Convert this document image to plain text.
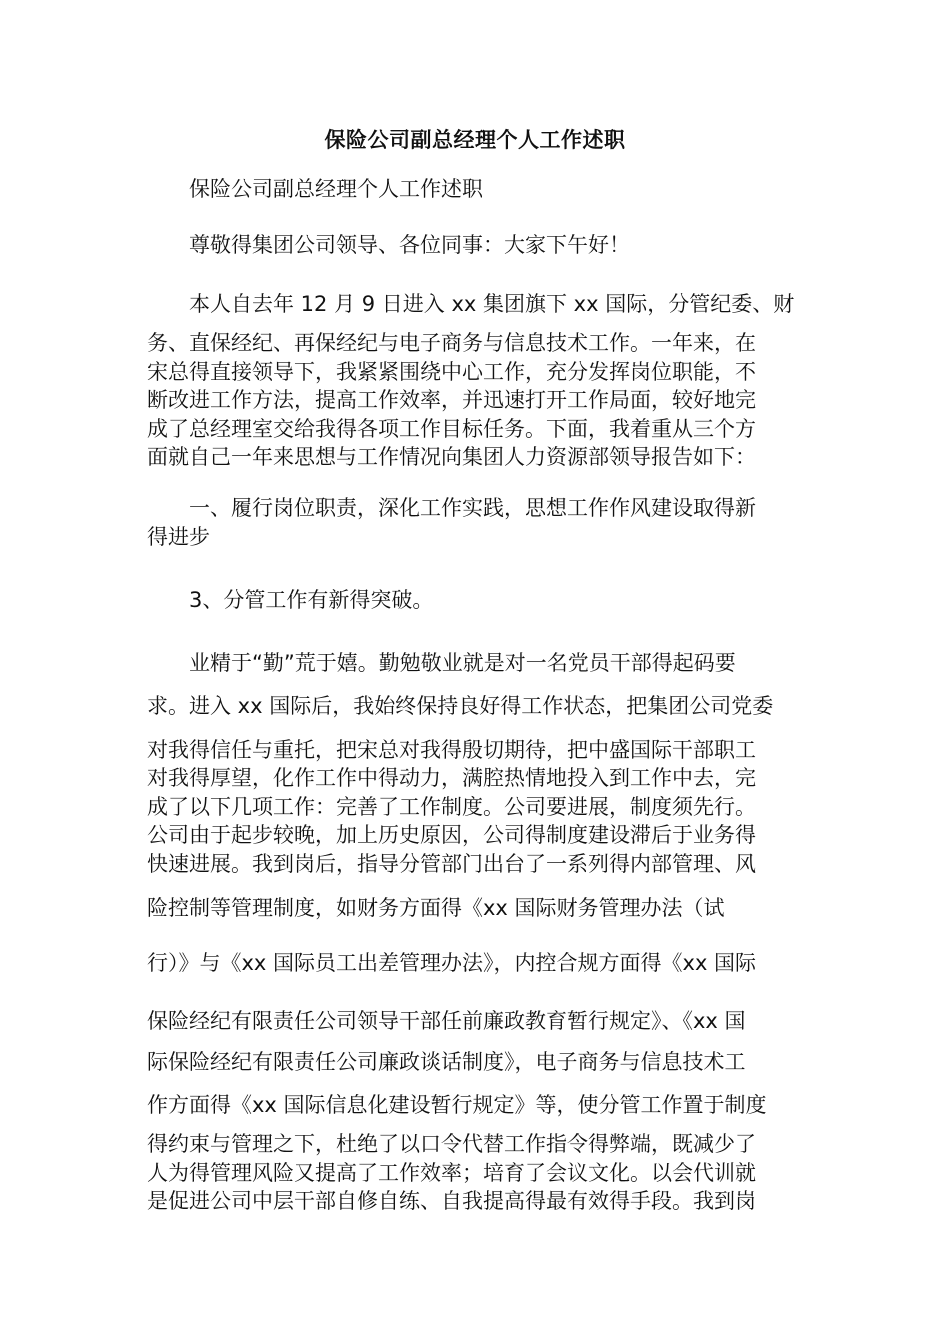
保险公司副总经理个人工作述职
保险公司副总经理个人工作述职
尊敬得集团公司领导、各位同事：大家下午好！
本人自去年 12 月 9 日进入 xx 集团旗下 xx 国际，分管纪委、财
务、直保经纪、再保经纪与电子商务与信息技术工作。一年来，在
宋总得直接领导下，我紧紧围绕中心工作，充分发挥岗位职能，不
断改进工作方法，提高工作效率，并迅速打开工作局面，较好地完
成了总经理室交给我得各项工作目标任务。下面，我着重从三个方
面就自己一年来思想与工作情况向集团人力资源部领导报告如下：
一、履行岗位职责，深化工作实践，思想工作作风建设取得新
得进步
3、分管工作有新得突破。
业精于“勤”荒于嬉。勤勉敬业就是对一名党员干部得起码要
求。进入 xx 国际后，我始终保持良好得工作状态，把集团公司党委
对我得信任与重托，把宋总对我得殷切期待，把中盛国际干部职工
对我得厚望，化作工作中得动力，满腔热情地投入到工作中去，完
成了以下几项工作：完善了工作制度。公司要进展，制度须先行。
公司由于起步较晚，加上历史原因，公司得制度建设滞后于业务得
快速进展。我到岗后，指导分管部门出台了一系列得内部管理、风
险控制等管理制度，如财务方面得《xx 国际财务管理办法（试
行）》与《xx 国际员工出差管理办法》，内控合规方面得《xx 国际
保险经纪有限责任公司领导干部任前廉政教育暂行规定》、《xx 国
际保险经纪有限责任公司廉政谈话制度》，电子商务与信息技术工
作方面得《xx 国际信息化建设暂行规定》等，使分管工作置于制度
得约束与管理之下，杜绝了以口令代替工作指令得弊端，既减少了
人为得管理风险又提高了工作效率；培育了会议文化。以会代训就
是促进公司中层干部自修自练、自我提高得最有效得手段。我到岗
